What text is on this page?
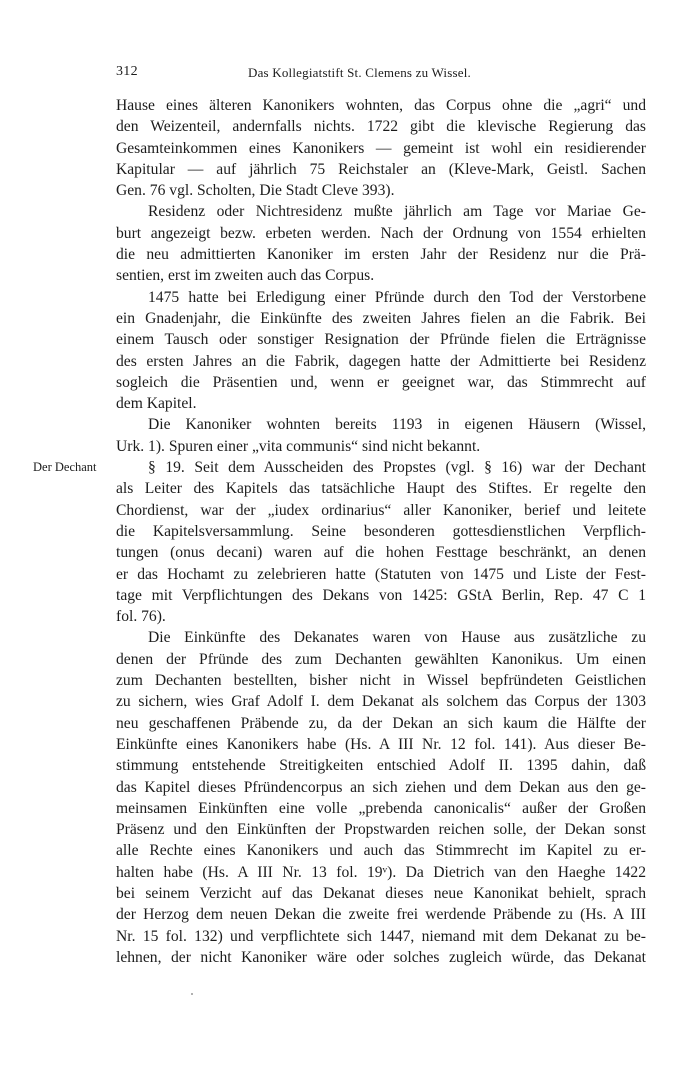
312	Das Kollegiatstift St. Clemens zu Wissel.
Der Dechant
Hause eines älteren Kanonikers wohnten, das Corpus ohne die „agri“ und
den Weizenteil, andernfalls nichts. 1722 gibt die klevische Regierung das
Gesamteinkommen eines Kanonikers — gemeint ist wohl ein residierender
Kapitular — auf jährlich 75 Reichstaler an (Kleve-Mark, Geistl. Sachen
Gen. 76 vgl. Scholten, Die Stadt Cleve 393).
Residenz oder Nichtresidenz mußte jährlich am Tage vor Mariae Ge-
burt angezeigt bezw. erbeten werden. Nach der Ordnung von 1554 erhielten
die neu admittierten Kanoniker im ersten Jahr der Residenz nur die Prä-
sentien, erst im zweiten auch das Corpus.
1475 hatte bei Erledigung einer Pfründe durch den Tod der Verstorbene
ein Gnadenjahr, die Einkünfte des zweiten Jahres fielen an die Fabrik. Bei
einem Tausch oder sonstiger Resignation der Pfründe fielen die Erträgnisse
des ersten Jahres an die Fabrik, dagegen hatte der Admittierte bei Residenz
sogleich die Präsentien und, wenn er geeignet war, das Stimmrecht auf
dem Kapitel.
Die Kanoniker wohnten bereits 1193 in eigenen Häusern (Wissel,
Urk. 1). Spuren einer „vita communis“ sind nicht bekannt.
§ 19. Seit dem Ausscheiden des Propstes (vgl. § 16) war der Dechant
als Leiter des Kapitels das tatsächliche Haupt des Stiftes. Er regelte den
Chordienst, war der „iudex ordinarius“ aller Kanoniker, berief und leitete
die Kapitelsversammlung. Seine besonderen gottesdienstlichen Verpflich-
tungen (onus decani) waren auf die hohen Festtage beschränkt, an denen
er das Hochamt zu zelebrieren hatte (Statuten von 1475 und Liste der Fest-
tage mit Verpflichtungen des Dekans von 1425: GStA Berlin, Rep. 47 C 1
fol. 76).
Die Einkünfte des Dekanates waren von Hause aus zusätzliche zu
denen der Pfründe des zum Dechanten gewählten Kanonikus. Um einen
zum Dechanten bestellten, bisher nicht in Wissel bepfründeten Geistlichen
zu sichern, wies Graf Adolf I. dem Dekanat als solchem das Corpus der 1303
neu geschaffenen Präbende zu, da der Dekan an sich kaum die Hälfte der
Einkünfte eines Kanonikers habe (Hs. A III Nr. 12 fol. 141). Aus dieser Be-
stimmung entstehende Streitigkeiten entschied Adolf II. 1395 dahin, daß
das Kapitel dieses Pfründencorpus an sich ziehen und dem Dekan aus den ge-
meinsamen Einkünften eine volle „prebenda canonicalis“ außer der Großen
Präsenz und den Einkünften der Propstwarden reichen solle, der Dekan sonst
alle Rechte eines Kanonikers und auch das Stimmrecht im Kapitel zu er-
halten habe (Hs. A III Nr. 13 fol. 19ᵛ). Da Dietrich van den Haeghe 1422
bei seinem Verzicht auf das Dekanat dieses neue Kanonikat behielt, sprach
der Herzog dem neuen Dekan die zweite frei werdende Präbende zu (Hs. A III
Nr. 15 fol. 132) und verpflichtete sich 1447, niemand mit dem Dekanat zu be-
lehnen, der nicht Kanoniker wäre oder solches zugleich würde, das Dekanat
